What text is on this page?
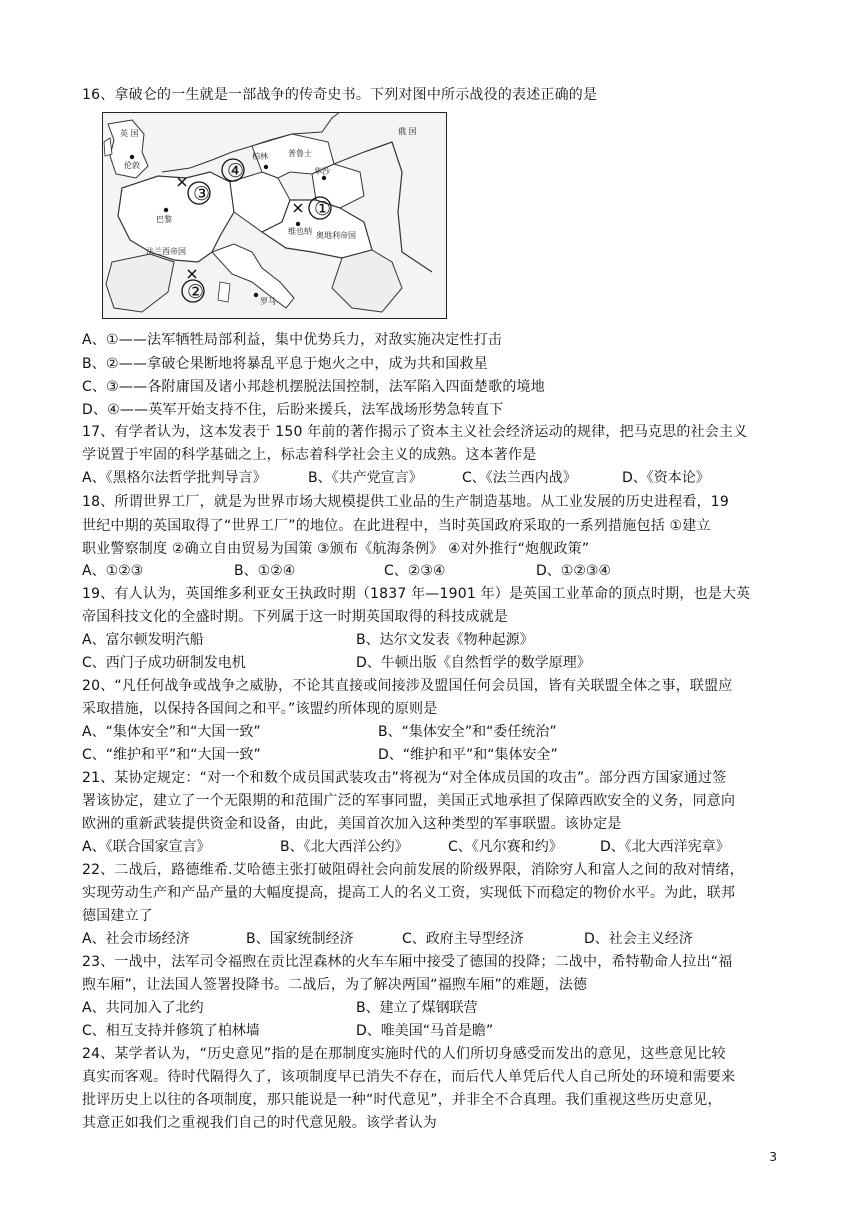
16、拿破仑的一生就是一部战争的传奇史书。下列对图中所示战役的表述正确的是
英 国
伦敦
巴黎
法兰西帝国
罗马
柏林	普鲁士
华沙
维也纳 奥地利帝国
俄 国
③
④
①
②
A、①——法军牺牲局部利益，集中优势兵力，对敌实施决定性打击
B、②——拿破仑果断地将暴乱平息于炮火之中，成为共和国救星
C、③——各附庸国及诸小邦趁机摆脱法国控制，法军陷入四面楚歌的境地
D、④——英军开始支持不住，后盼来援兵，法军战场形势急转直下
17、有学者认为，这本发表于 150 年前的著作揭示了资本主义社会经济运动的规律，把马克思的社会主义
学说置于牢固的科学基础之上，标志着科学社会主义的成熟。这本著作是
A、《黑格尔法哲学批判导言》	B、《共产党宣言》	C、《法兰西内战》	D、《资本论》
18、所谓世界工厂，就是为世界市场大规模提供工业品的生产制造基地。从工业发展的历史进程看，19
世纪中期的英国取得了“世界工厂”的地位。在此进程中，当时英国政府采取的一系列措施包括 ①建立
职业警察制度 ②确立自由贸易为国策 ③颁布《航海条例》 ④对外推行“炮舰政策”
A、①②③	B、①②④	C、②③④	D、①②③④
19、有人认为，英国维多利亚女王执政时期（1837 年—1901 年）是英国工业革命的顶点时期，也是大英
帝国科技文化的全盛时期。下列属于这一时期英国取得的科技成就是
A、富尔顿发明汽船	B、达尔文发表《物种起源》
C、西门子成功研制发电机	D、牛顿出版《自然哲学的数学原理》
20、“凡任何战争或战争之威胁，不论其直接或间接涉及盟国任何会员国，皆有关联盟全体之事，联盟应
采取措施，以保持各国间之和平。”该盟约所体现的原则是
A、“集体安全”和“大国一致”	B、“集体安全”和“委任统治”
C、“维护和平”和“大国一致”	D、“维护和平”和“集体安全”
21、某协定规定：“对一个和数个成员国武装攻击”将视为“对全体成员国的攻击”。部分西方国家通过签
署该协定，建立了一个无限期的和范围广泛的军事同盟，美国正式地承担了保障西欧安全的义务，同意向
欧洲的重新武装提供资金和设备，由此，美国首次加入这种类型的军事联盟。该协定是
A、《联合国家宣言》	B、《北大西洋公约》	C、《凡尔赛和约》	D、《北大西洋宪章》
22、二战后，路德维希.艾哈德主张打破阻碍社会向前发展的阶级界限，消除穷人和富人之间的敌对情绪，
实现劳动生产和产品产量的大幅度提高，提高工人的名义工资，实现低下而稳定的物价水平。为此，联邦
德国建立了
A、社会市场经济	B、国家统制经济	C、政府主导型经济	D、社会主义经济
23、一战中，法军司令福煦在贡比涅森林的火车车厢中接受了德国的投降；二战中，希特勒命人拉出“福
煦车厢”，让法国人签署投降书。二战后，为了解决两国“福煦车厢”的难题，法德
A、共同加入了北约	B、建立了煤钢联营
C、相互支持并修筑了柏林墙	D、唯美国“马首是瞻”
24、某学者认为，“历史意见”指的是在那制度实施时代的人们所切身感受而发出的意见，这些意见比较
真实而客观。待时代隔得久了，该项制度早已消失不存在，而后代人单凭后代人自己所处的环境和需要来
批评历史上以往的各项制度，那只能说是一种“时代意见”，并非全不合真理。我们重视这些历史意见，
其意正如我们之重视我们自己的时代意见般。该学者认为
3
